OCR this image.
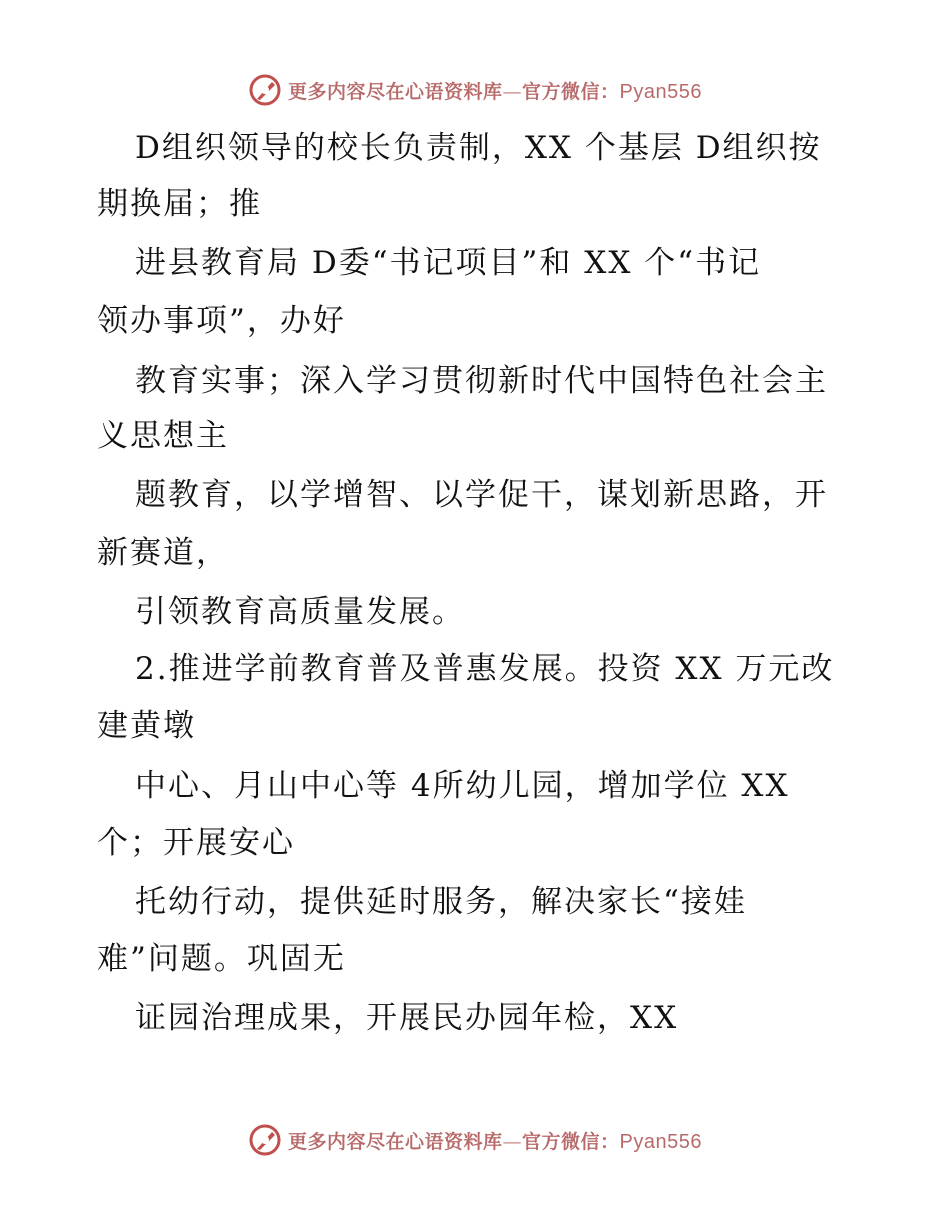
更多内容尽在心语资料库—官方微信：Pyan556
D组织领导的校长负责制，XX 个基层 D组织按
期换届；推
进县教育局 D委“书记项目”和 XX 个“书记
领办事项”，办好
教育实事；深入学习贯彻新时代中国特色社会主
义思想主
题教育，以学增智、以学促干，谋划新思路，开
新赛道，
引领教育高质量发展。
2.推进学前教育普及普惠发展。投资 XX 万元改
建黄墩
中心、月山中心等 4所幼儿园，增加学位 XX
个；开展安心
托幼行动，提供延时服务，解决家长“接娃
难”问题。巩固无
证园治理成果，开展民办园年检，XX
更多内容尽在心语资料库—官方微信：Pyan556
